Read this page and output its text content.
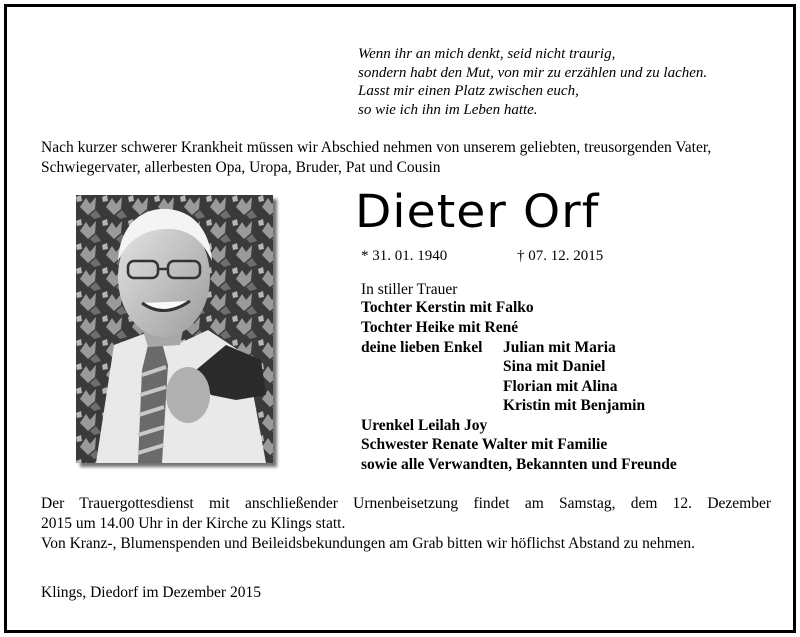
Wenn ihr an mich denkt, seid nicht traurig,
sondern habt den Mut, von mir zu erzählen und zu lachen.
Lasst mir einen Platz zwischen euch,
so wie ich ihn im Leben hatte.
Nach kurzer schwerer Krankheit müssen wir Abschied nehmen von unserem geliebten, treusorgenden Vater, Schwiegervater, allerbesten Opa, Uropa, Bruder, Pat und Cousin
Dieter Orf
* 31. 01. 1940	† 07. 12. 2015
In stiller Trauer
Tochter Kerstin mit Falko
Tochter Heike mit René
deine lieben Enkel Julian mit Maria
Sina mit Daniel
Florian mit Alina
Kristin mit Benjamin
Urenkel Leilah Joy
Schwester Renate Walter mit Familie
sowie alle Verwandten, Bekannten und Freunde
Der Trauergottesdienst mit anschließender Urnenbeisetzung findet am Samstag, dem 12. Dezember
2015 um 14.00 Uhr in der Kirche zu Klings statt.
Von Kranz-, Blumenspenden und Beileidsbekundungen am Grab bitten wir höflichst Abstand zu nehmen.
Klings, Diedorf im Dezember 2015
